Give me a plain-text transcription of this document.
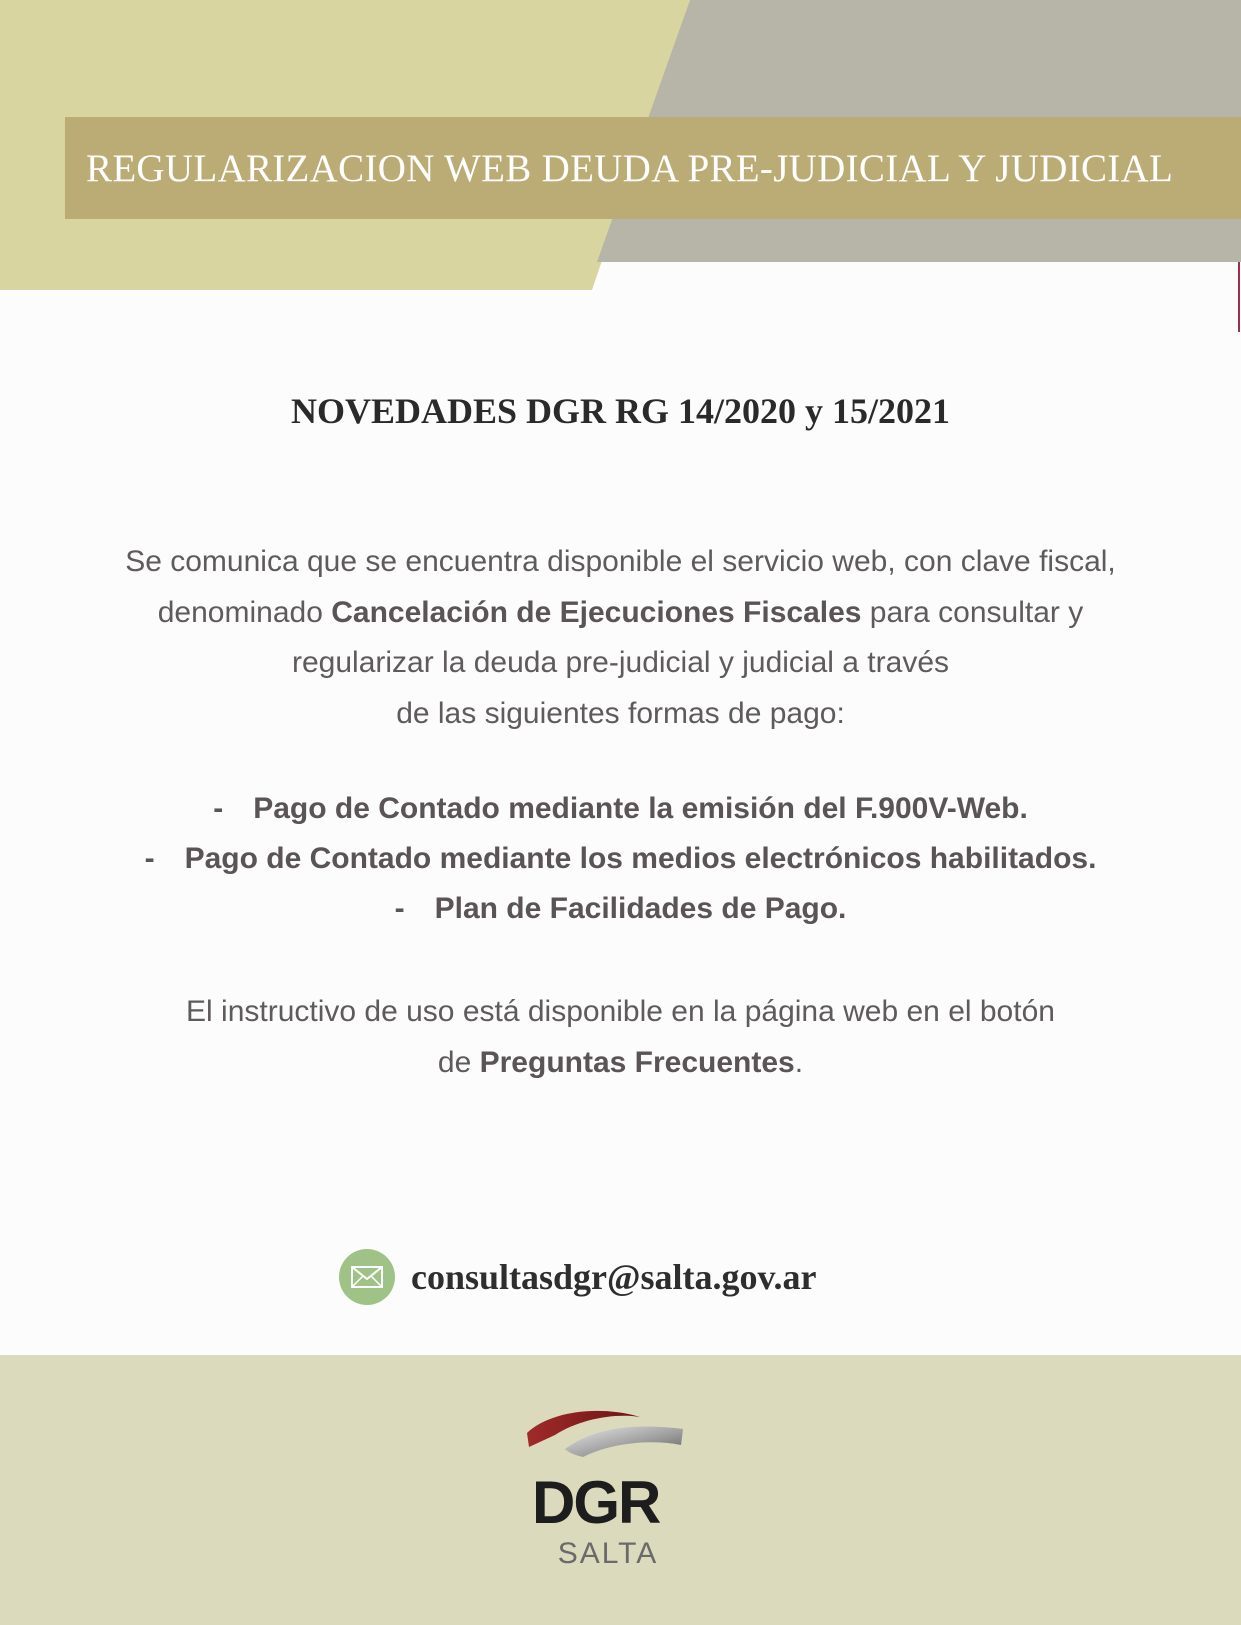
REGULARIZACION WEB DEUDA PRE-JUDICIAL Y JUDICIAL
NOVEDADES DGR RG 14/2020 y 15/2021
Se comunica que se encuentra disponible el servicio web, con clave fiscal,
denominado Cancelación de Ejecuciones Fiscales para consultar y
regularizar la deuda pre-judicial y judicial a través
de las siguientes formas de pago:
- Pago de Contado mediante la emisión del F.900V-Web.
- Pago de Contado mediante los medios electrónicos habilitados.
- Plan de Facilidades de Pago.
El instructivo de uso está disponible en la página web en el botón
de Preguntas Frecuentes.
consultasdgr@salta.gov.ar
DGR
SALTA
